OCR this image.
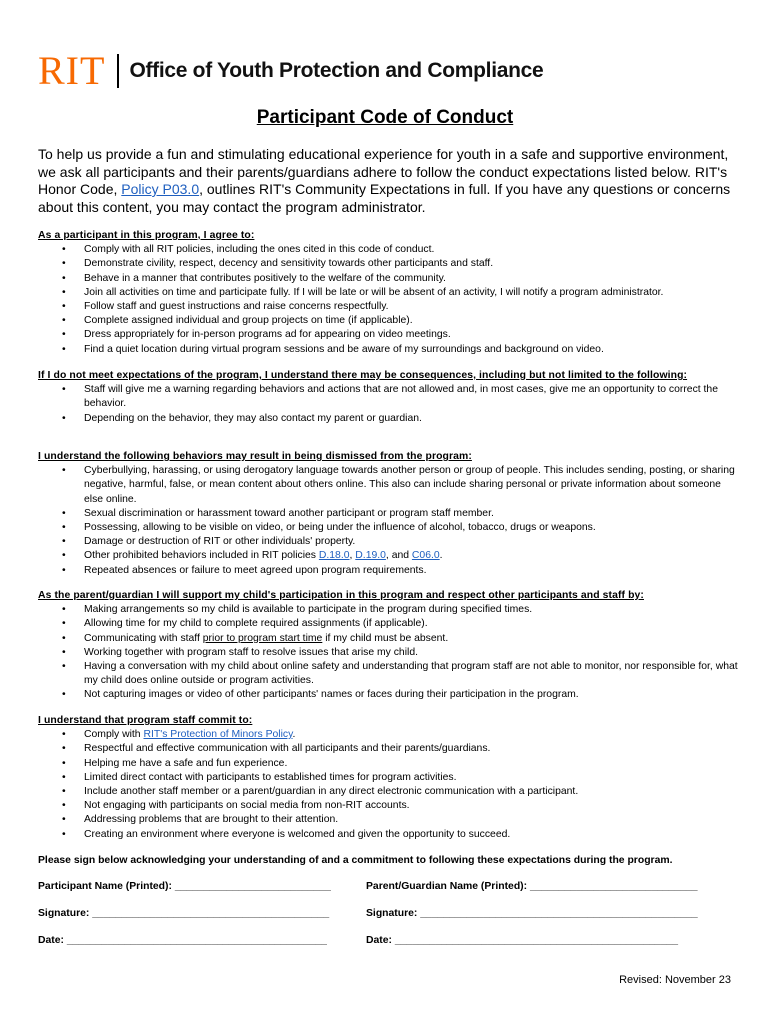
RIT Office of Youth Protection and Compliance
Participant Code of Conduct
To help us provide a fun and stimulating educational experience for youth in a safe and supportive environment, we ask all participants and their parents/guardians adhere to follow the conduct expectations listed below. RIT's Honor Code, Policy P03.0, outlines RIT's Community Expectations in full. If you have any questions or concerns about this content, you may contact the program administrator.
As a participant in this program, I agree to:
• Comply with all RIT policies, including the ones cited in this code of conduct.
• Demonstrate civility, respect, decency and sensitivity towards other participants and staff.
• Behave in a manner that contributes positively to the welfare of the community.
• Join all activities on time and participate fully. If I will be late or will be absent of an activity, I will notify a program administrator.
• Follow staff and guest instructions and raise concerns respectfully.
• Complete assigned individual and group projects on time (if applicable).
• Dress appropriately for in-person programs ad for appearing on video meetings.
• Find a quiet location during virtual program sessions and be aware of my surroundings and background on video.
If I do not meet expectations of the program, I understand there may be consequences, including but not limited to the following:
• Staff will give me a warning regarding behaviors and actions that are not allowed and, in most cases, give me an opportunity to correct the behavior.
• Depending on the behavior, they may also contact my parent or guardian.
I understand the following behaviors may result in being dismissed from the program:
• Cyberbullying, harassing, or using derogatory language towards another person or group of people. This includes sending, posting, or sharing negative, harmful, false, or mean content about others online. This also can include sharing personal or private information about someone else online.
• Sexual discrimination or harassment toward another participant or program staff member.
• Possessing, allowing to be visible on video, or being under the influence of alcohol, tobacco, drugs or weapons.
• Damage or destruction of RIT or other individuals' property.
• Other prohibited behaviors included in RIT policies D.18.0, D.19.0, and C06.0.
• Repeated absences or failure to meet agreed upon program requirements.
As the parent/guardian I will support my child's participation in this program and respect other participants and staff by:
• Making arrangements so my child is available to participate in the program during specified times.
• Allowing time for my child to complete required assignments (if applicable).
• Communicating with staff prior to program start time if my child must be absent.
• Working together with program staff to resolve issues that arise my child.
• Having a conversation with my child about online safety and understanding that program staff are not able to monitor, nor responsible for, what my child does online outside or program activities.
• Not capturing images or video of other participants' names or faces during their participation in the program.
I understand that program staff commit to:
• Comply with RIT's Protection of Minors Policy.
• Respectful and effective communication with all participants and their parents/guardians.
• Helping me have a safe and fun experience.
• Limited direct contact with participants to established times for program activities.
• Include another staff member or a parent/guardian in any direct electronic communication with a participant.
• Not engaging with participants on social media from non-RIT accounts.
• Addressing problems that are brought to their attention.
• Creating an environment where everyone is welcomed and given the opportunity to succeed.
Please sign below acknowledging your understanding of and a commitment to following these expectations during the program.
Participant Name (Printed): ___________________________	Parent/Guardian Name (Printed): _____________________________
Signature: _________________________________________	Signature: ________________________________________________
Date: _____________________________________________	Date: _________________________________________________
Revised: November 23
